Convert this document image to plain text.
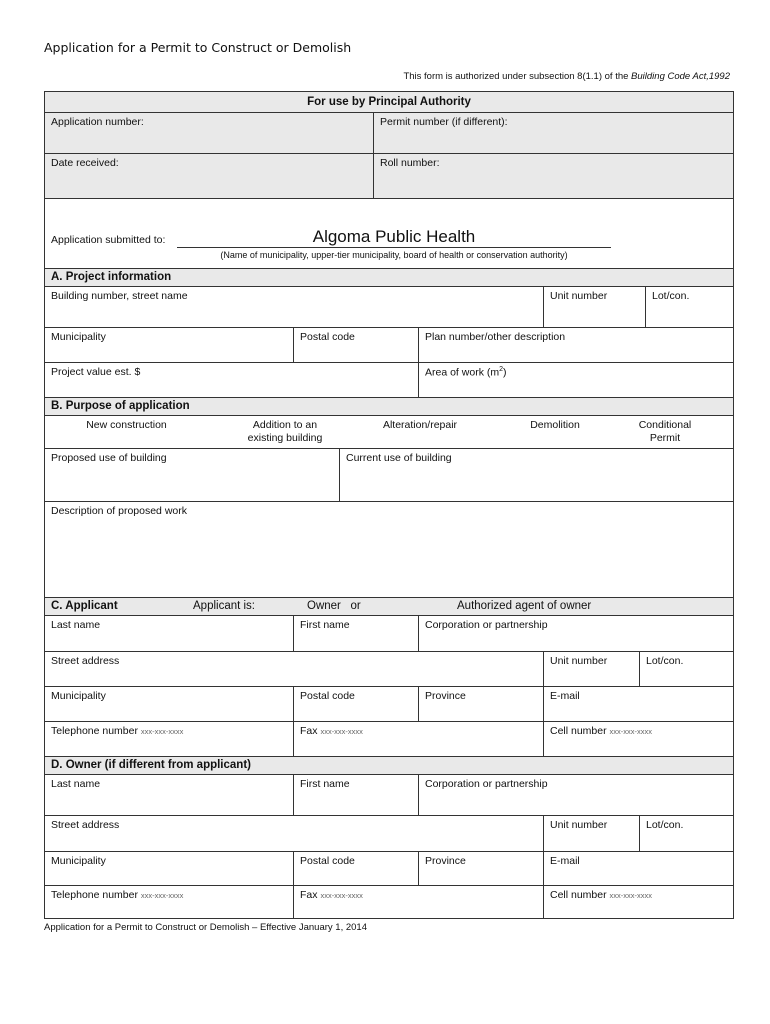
Application for a Permit to Construct or Demolish
This form is authorized under subsection 8(1.1) of the Building Code Act,1992
For use by Principal Authority
Application number:	Permit number (if different):
Date received:	Roll number:
Application submitted to:	Algoma Public Health
(Name of municipality, upper-tier municipality, board of health or conservation authority)
A. Project information
Building number, street name	Unit number	Lot/con.
Municipality	Postal code	Plan number/other description
Project value est. $	Area of work $(m^2)$
B. Purpose of application
New construction	Addition to an existing building
Alteration/repair	Demolition	Conditional Permit
Proposed use of building	Current use of building
Description of proposed work
C. Applicant	Applicant is:	Owner   or	Authorized agent of owner
Last name	First name	Corporation or partnership
Street address	Unit number	Lot/con.
Municipality	Postal code	Province	E-mail
Telephone number xxx-xxx-xxxx	Fax xxx-xxx-xxxx	Cell number xxx-xxx-xxxx
D. Owner (if different from applicant)
Last name	First name	Corporation or partnership
Street address	Unit number	Lot/con.
Municipality	Postal code	Province	E-mail
Telephone number xxx-xxx-xxxx	Fax xxx-xxx-xxxx	Cell number xxx-xxx-xxxx
Application for a Permit to Construct or Demolish – Effective January 1, 2014
